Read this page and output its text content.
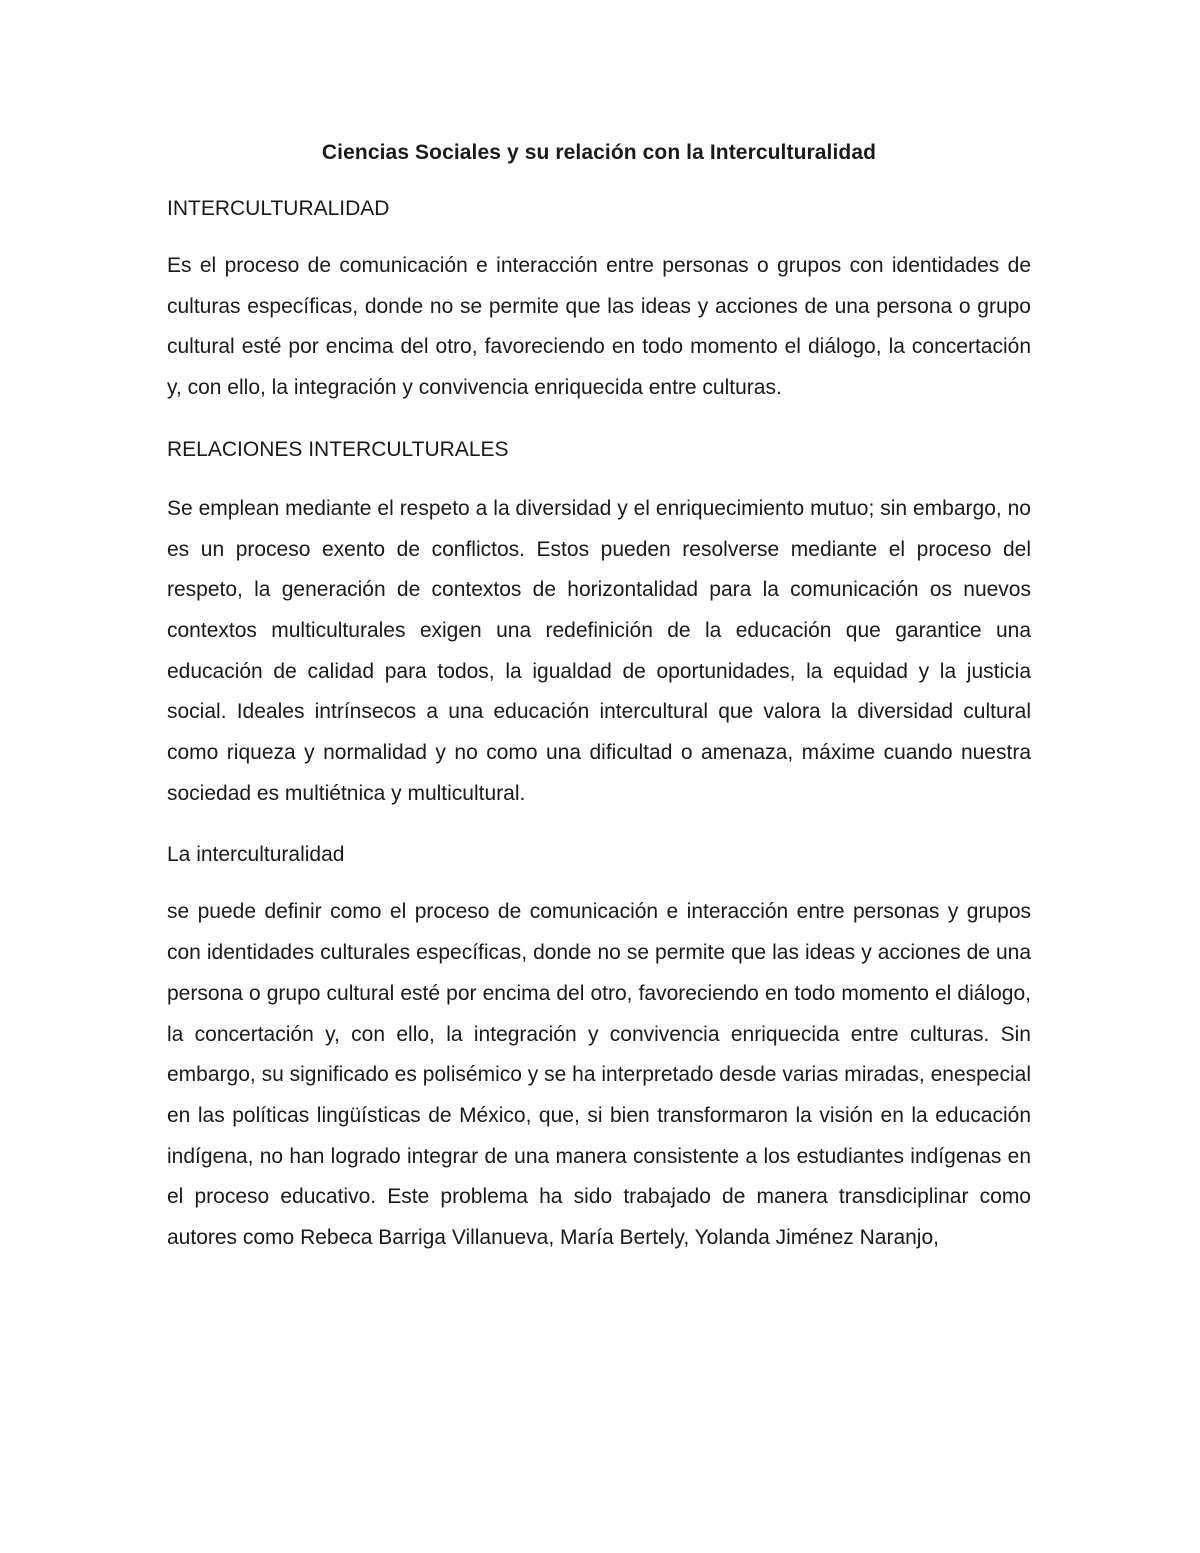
Ciencias Sociales y su relación con la Interculturalidad
INTERCULTURALIDAD

Es el proceso de comunicación e interacción entre personas o grupos con identidades de culturas específicas, donde no se permite que las ideas y acciones de una persona o grupo cultural esté por encima del otro, favoreciendo en todo momento el diálogo, la concertación y, con ello, la integración y convivencia enriquecida entre culturas.

RELACIONES INTERCULTURALES

Se emplean mediante el respeto a la diversidad y el enriquecimiento mutuo; sin embargo, no es un proceso exento de conflictos. Estos pueden resolverse mediante el proceso del respeto, la generación de contextos de horizontalidad para la comunicación os nuevos contextos multiculturales exigen una redefinición de la educación que garantice una educación de calidad para todos, la igualdad de oportunidades, la equidad y la justicia social. Ideales intrínsecos a una educación intercultural que valora la diversidad cultural como riqueza y normalidad y no como una dificultad o amenaza, máxime cuando nuestra sociedad es multiétnica y multicultural.

La interculturalidad

se puede definir como el proceso de comunicación e interacción entre personas y grupos con identidades culturales específicas, donde no se permite que las ideas y acciones de una persona o grupo cultural esté por encima del otro, favoreciendo en todo momento el diálogo, la concertación y, con ello, la integración y convivencia enriquecida entre culturas. Sin embargo, su significado es polisémico y se ha interpretado desde varias miradas, enespecial en las políticas lingüísticas de México, que, si bien transformaron la visión en la educación indígena, no han logrado integrar de una manera consistente a los estudiantes indígenas en el proceso educativo. Este problema ha sido trabajado de manera transdiciplinar como autores como Rebeca Barriga Villanueva, María Bertely, Yolanda Jiménez Naranjo,
